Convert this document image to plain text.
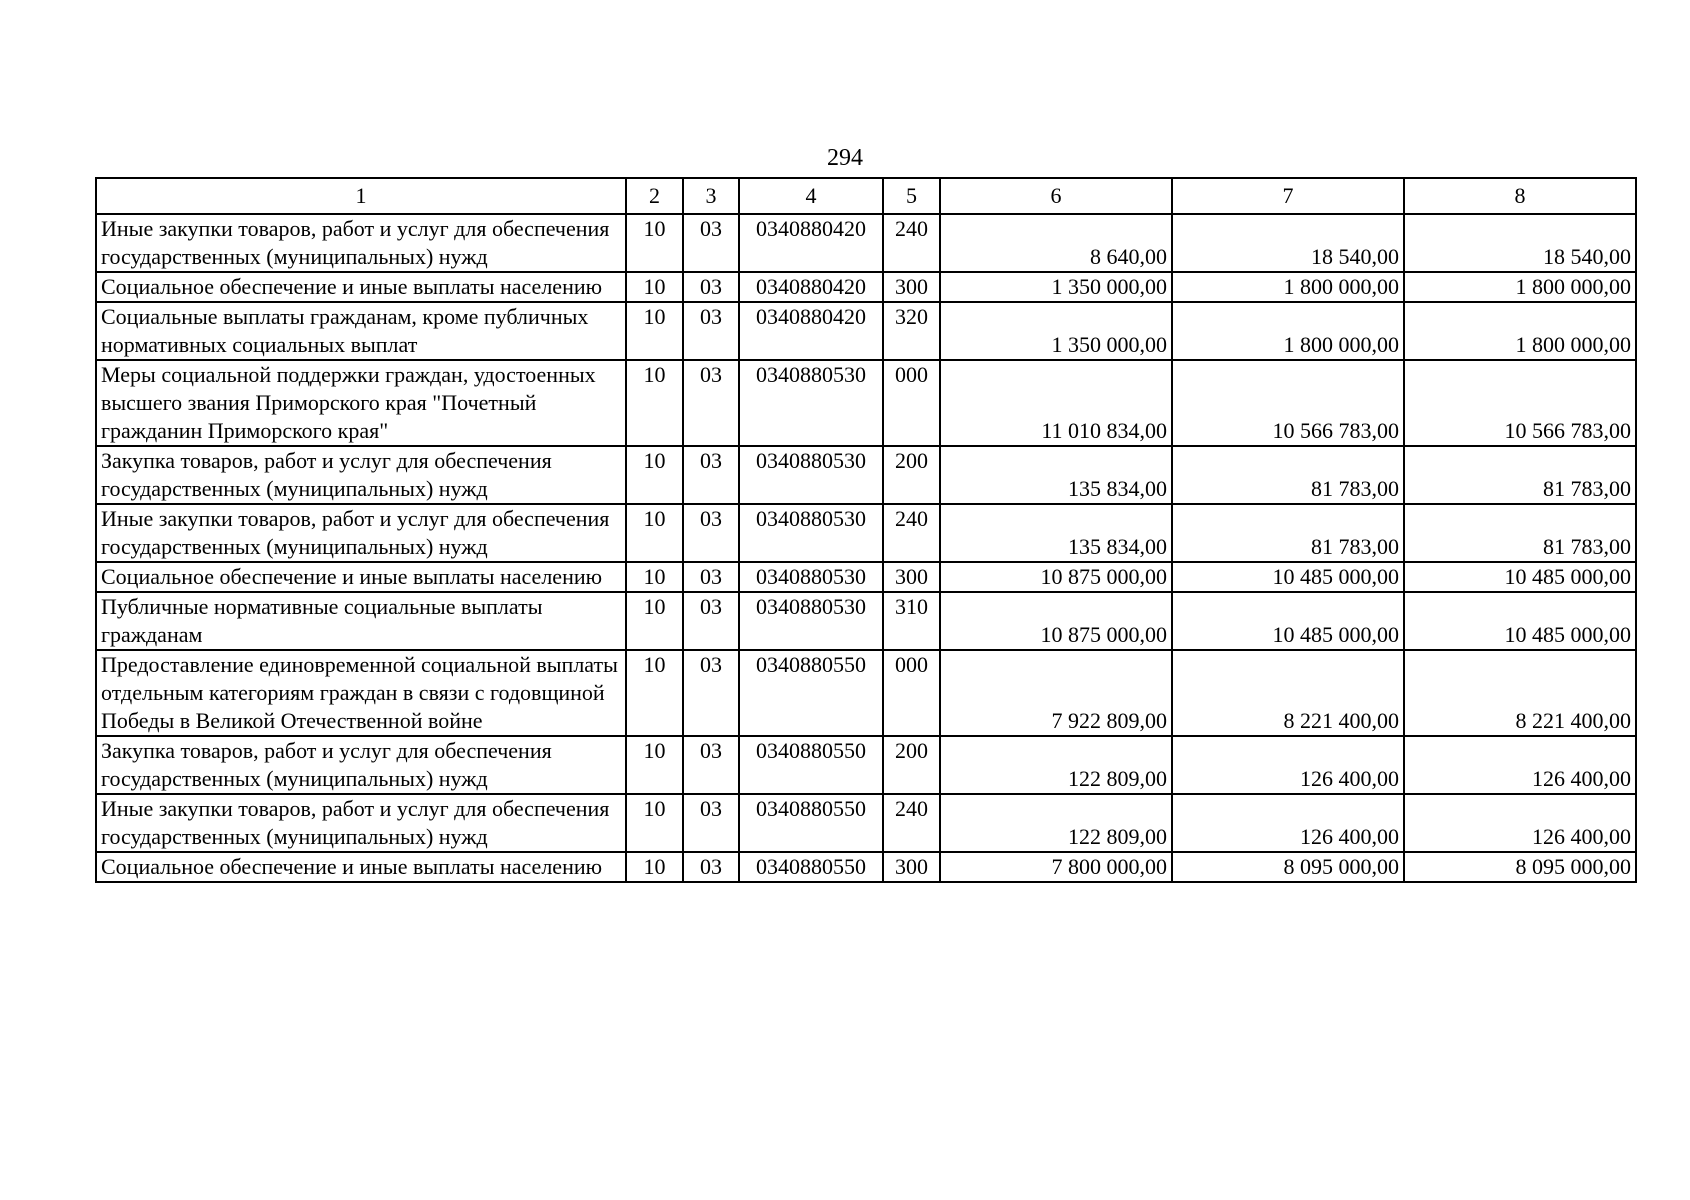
294
1	2	3	4	5	6	7	8
Иные закупки товаров, работ и услуг для обеспечения государственных (муниципальных) нужд	10	03	0340880420	240	8 640,00	18 540,00	18 540,00
Социальное обеспечение и иные выплаты населению	10	03	0340880420	300	1 350 000,00	1 800 000,00	1 800 000,00
Социальные выплаты гражданам, кроме публичных нормативных социальных выплат	10	03	0340880420	320	1 350 000,00	1 800 000,00	1 800 000,00
Меры социальной поддержки граждан, удостоенных высшего звания Приморского края "Почетный гражданин Приморского края"	10	03	0340880530	000	11 010 834,00	10 566 783,00	10 566 783,00
Закупка товаров, работ и услуг для обеспечения государственных (муниципальных) нужд	10	03	0340880530	200	135 834,00	81 783,00	81 783,00
Иные закупки товаров, работ и услуг для обеспечения государственных (муниципальных) нужд	10	03	0340880530	240	135 834,00	81 783,00	81 783,00
Социальное обеспечение и иные выплаты населению	10	03	0340880530	300	10 875 000,00	10 485 000,00	10 485 000,00
Публичные нормативные социальные выплаты гражданам	10	03	0340880530	310	10 875 000,00	10 485 000,00	10 485 000,00
Предоставление единовременной социальной выплаты отдельным категориям граждан в связи с годовщиной Победы в Великой Отечественной войне	10	03	0340880550	000	7 922 809,00	8 221 400,00	8 221 400,00
Закупка товаров, работ и услуг для обеспечения государственных (муниципальных) нужд	10	03	0340880550	200	122 809,00	126 400,00	126 400,00
Иные закупки товаров, работ и услуг для обеспечения государственных (муниципальных) нужд	10	03	0340880550	240	122 809,00	126 400,00	126 400,00
Социальное обеспечение и иные выплаты населению	10	03	0340880550	300	7 800 000,00	8 095 000,00	8 095 000,00
